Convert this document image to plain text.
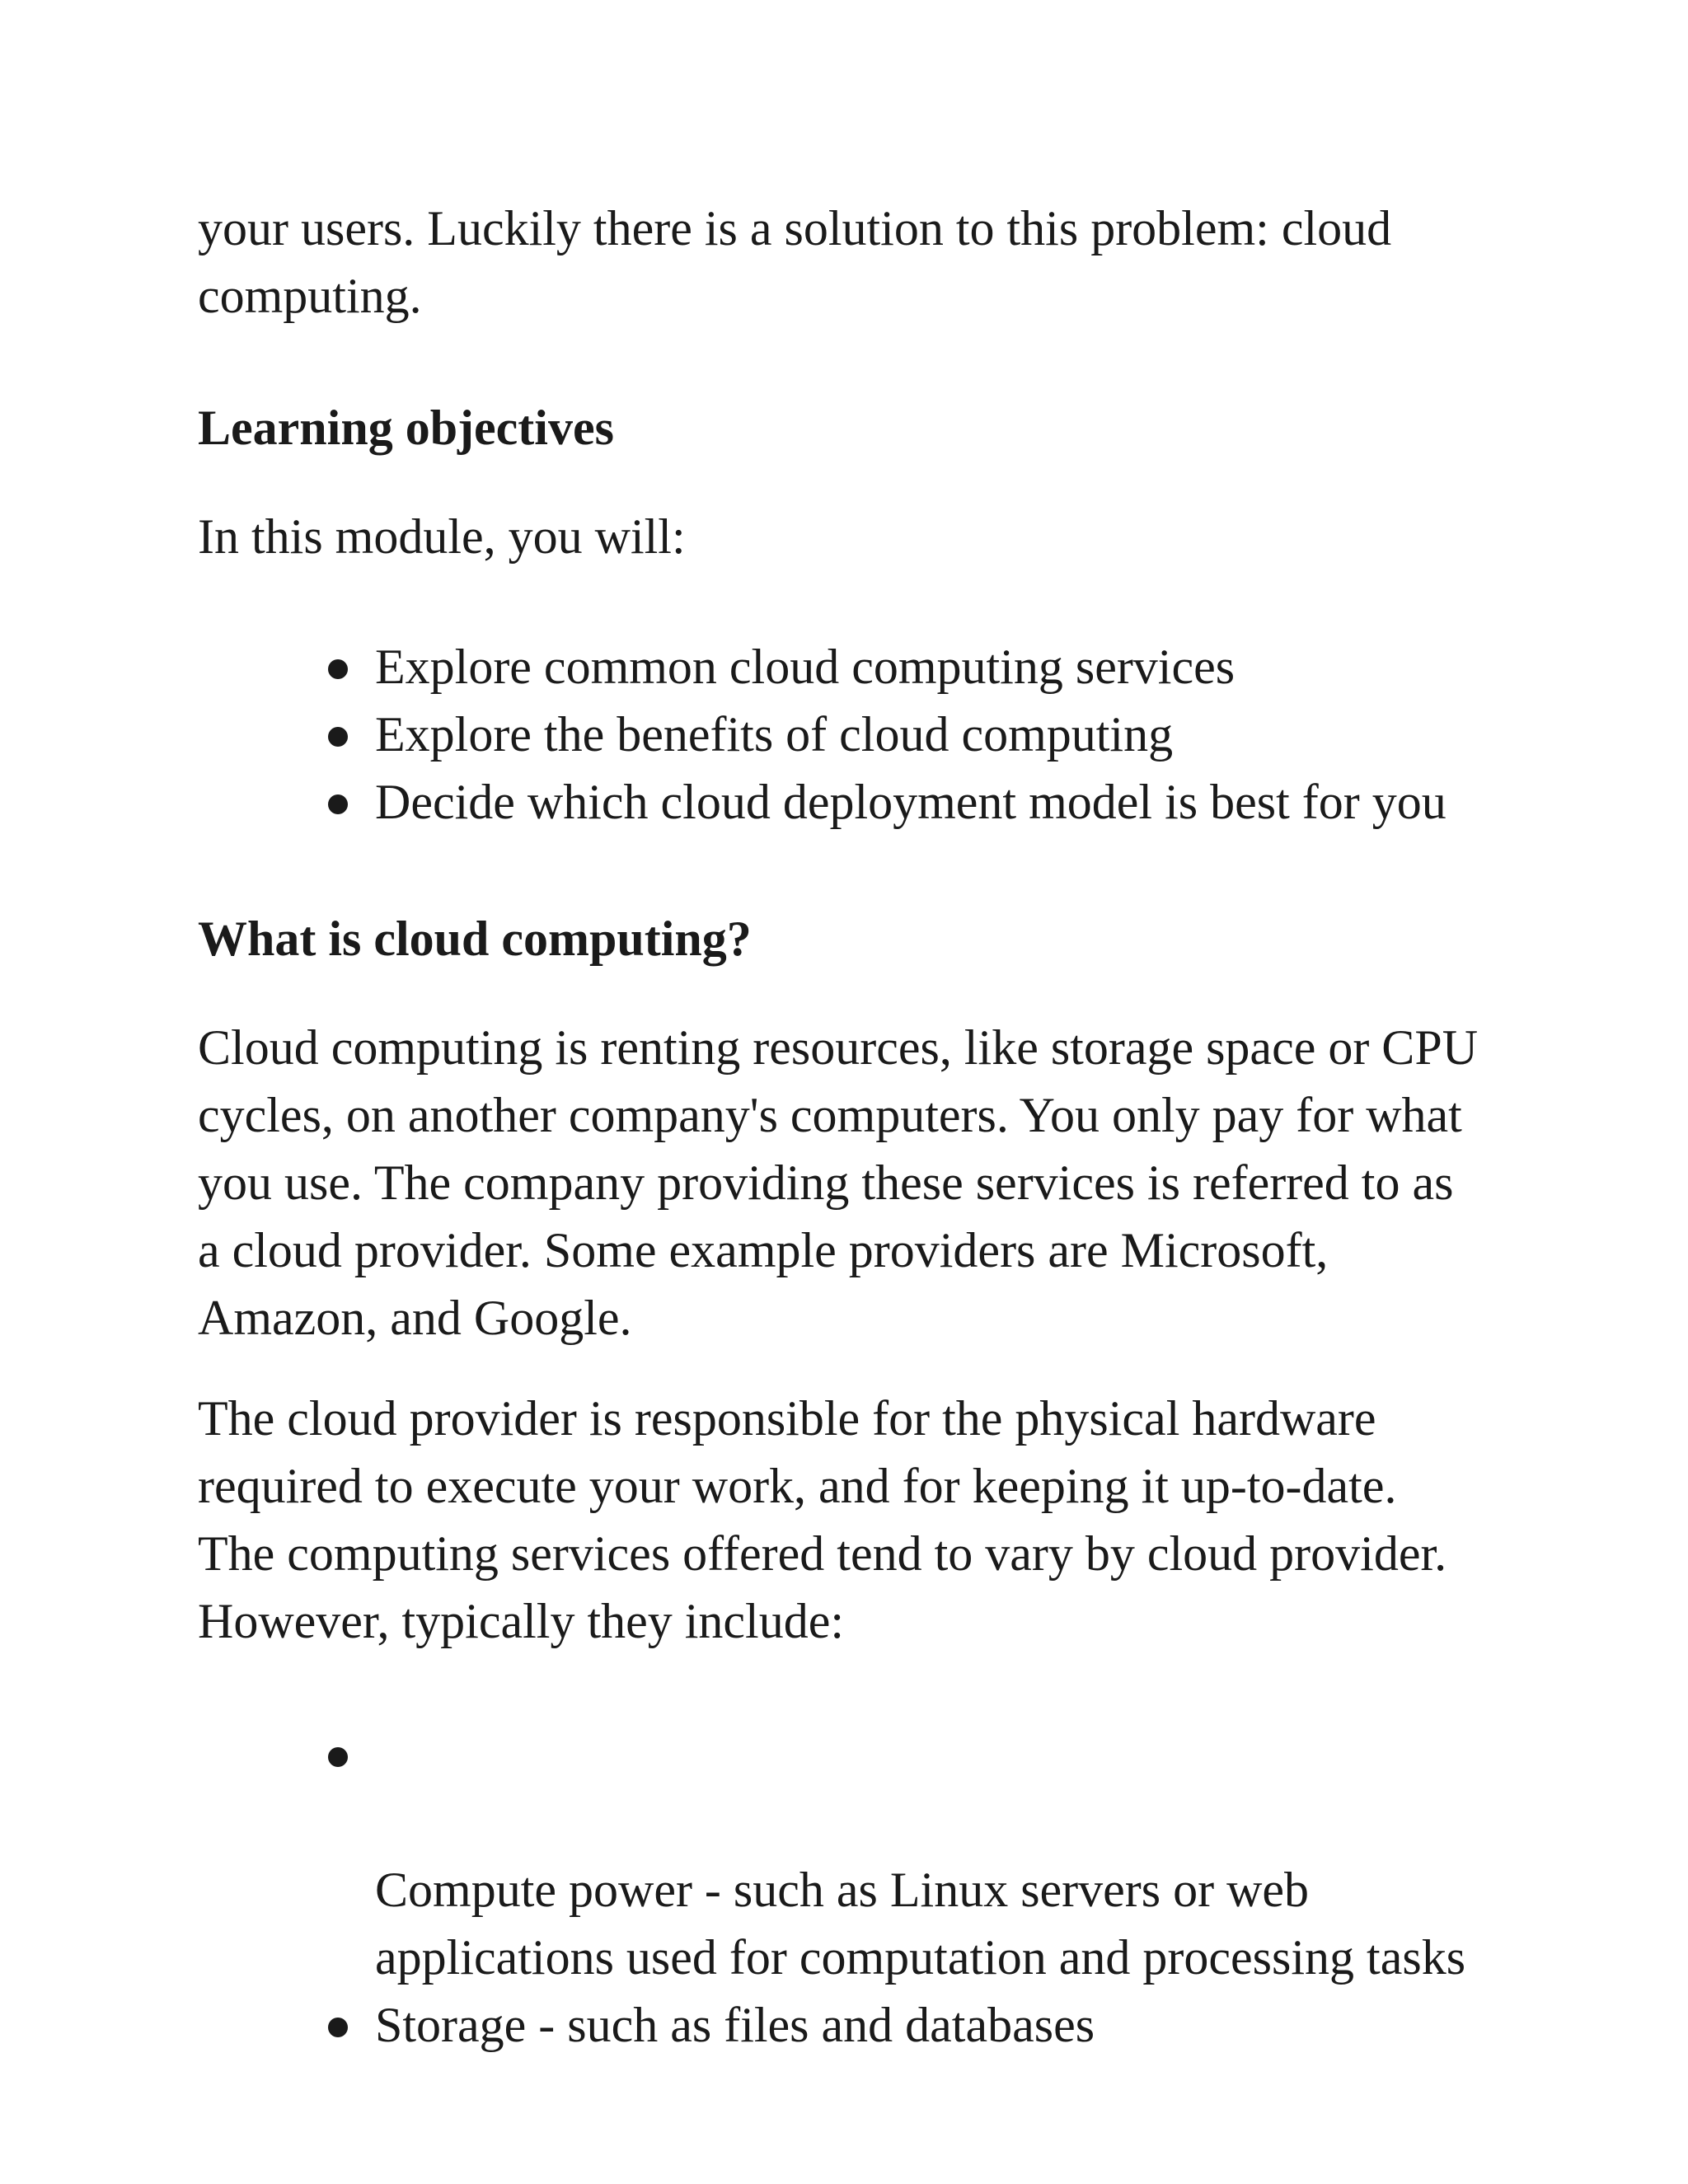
your users. Luckily there is a solution to this problem: cloud
computing.

Learning objectives

In this module, you will:

Explore common cloud computing services
Explore the benefits of cloud computing
Decide which cloud deployment model is best for you
What is cloud computing?

Cloud computing is renting resources, like storage space or CPU
cycles, on another company's computers. You only pay for what
you use. The company providing these services is referred to as
a cloud provider. Some example providers are Microsoft,
Amazon, and Google.

The cloud provider is responsible for the physical hardware
required to execute your work, and for keeping it up-to-date.
The computing services offered tend to vary by cloud provider.
However, typically they include:

Compute power - such as Linux servers or web
applications used for computation and processing tasks

Storage - such as files and databases
